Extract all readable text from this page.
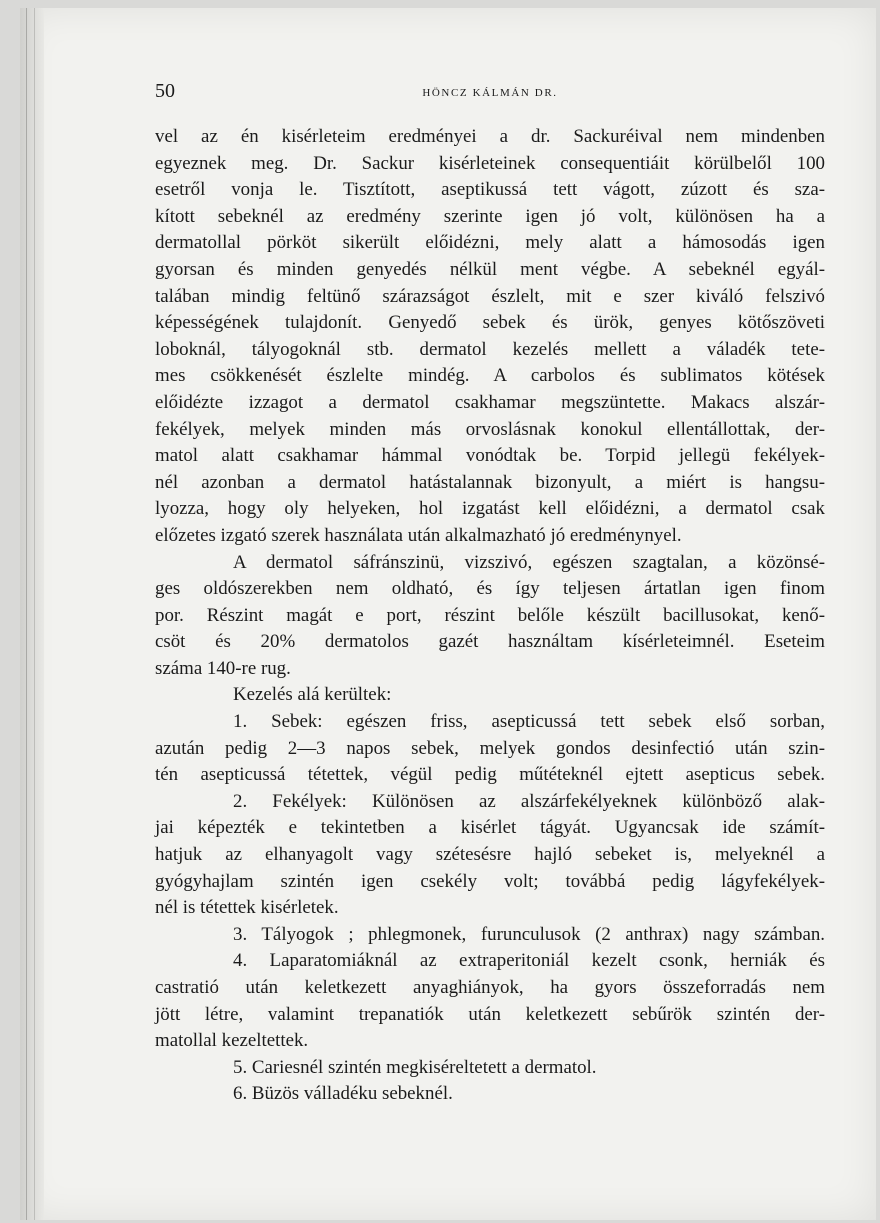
50	HÖNCZ KÁLMÁN DR.
vel az én kisérleteim eredményei a dr. Sackuréival nem mindenben
egyeznek meg. Dr. Sackur kisérleteinek consequentiáit körülbelől 100
esetről vonja le. Tisztított, aseptikussá tett vágott, zúzott és sza-
kított sebeknél az eredmény szerinte igen jó volt, különösen ha a
dermatollal pörköt sikerült előidézni, mely alatt a hámosodás igen
gyorsan és minden genyedés nélkül ment végbe. A sebeknél egyál-
talában mindig feltünő szárazságot észlelt, mit e szer kiváló felszivó
képességének tulajdonít. Genyedő sebek és ürök, genyes kötőszöveti
loboknál, tályogoknál stb. dermatol kezelés mellett a váladék tete-
mes csökkenését észlelte mindég. A carbolos és sublimatos kötések
előidézte izzagot a dermatol csakhamar megszüntette. Makacs alszár-
fekélyek, melyek minden más orvoslásnak konokul ellentállottak, der-
matol alatt csakhamar hámmal vonódtak be. Torpid jellegü fekélyek-
nél azonban a dermatol hatástalannak bizonyult, a miért is hangsu-
lyozza, hogy oly helyeken, hol izgatást kell előidézni, a dermatol csak
előzetes izgató szerek használata után alkalmazható jó eredménynyel.
A dermatol sáfránszinü, vizszivó, egészen szagtalan, a közönsé-
ges oldószerekben nem oldható, és így teljesen ártatlan igen finom
por. Részint magát e port, részint belőle készült bacillusokat, kenő-
csöt és 20% dermatolos gazét használtam kísérleteimnél. Eseteim
száma 140-re rug.
Kezelés alá kerültek:
1. Sebek: egészen friss, asepticussá tett sebek első sorban,
azután pedig 2—3 napos sebek, melyek gondos desinfectió után szin-
tén asepticussá tétettek, végül pedig műtéteknél ejtett asepticus sebek.
2. Fekélyek: Különösen az alszárfekélyeknek különböző alak-
jai képezték e tekintetben a kisérlet tágyát. Ugyancsak ide számít-
hatjuk az elhanyagolt vagy szétesésre hajló sebeket is, melyeknél a
gyógyhajlam szintén igen csekély volt; továbbá pedig lágyfekélyek-
nél is tétettek kisérletek.
3. Tályogok ; phlegmonek, furunculusok (2 anthrax) nagy számban.
4. Laparatomiáknál az extraperitoniál kezelt csonk, herniák és
castratió után keletkezett anyaghiányok, ha gyors összeforradás nem
jött létre, valamint trepanatiók után keletkezett sebűrök szintén der-
matollal kezeltettek.
5. Cariesnél szintén megkiséreltetett a dermatol.
6. Büzös válladéku sebeknél.
